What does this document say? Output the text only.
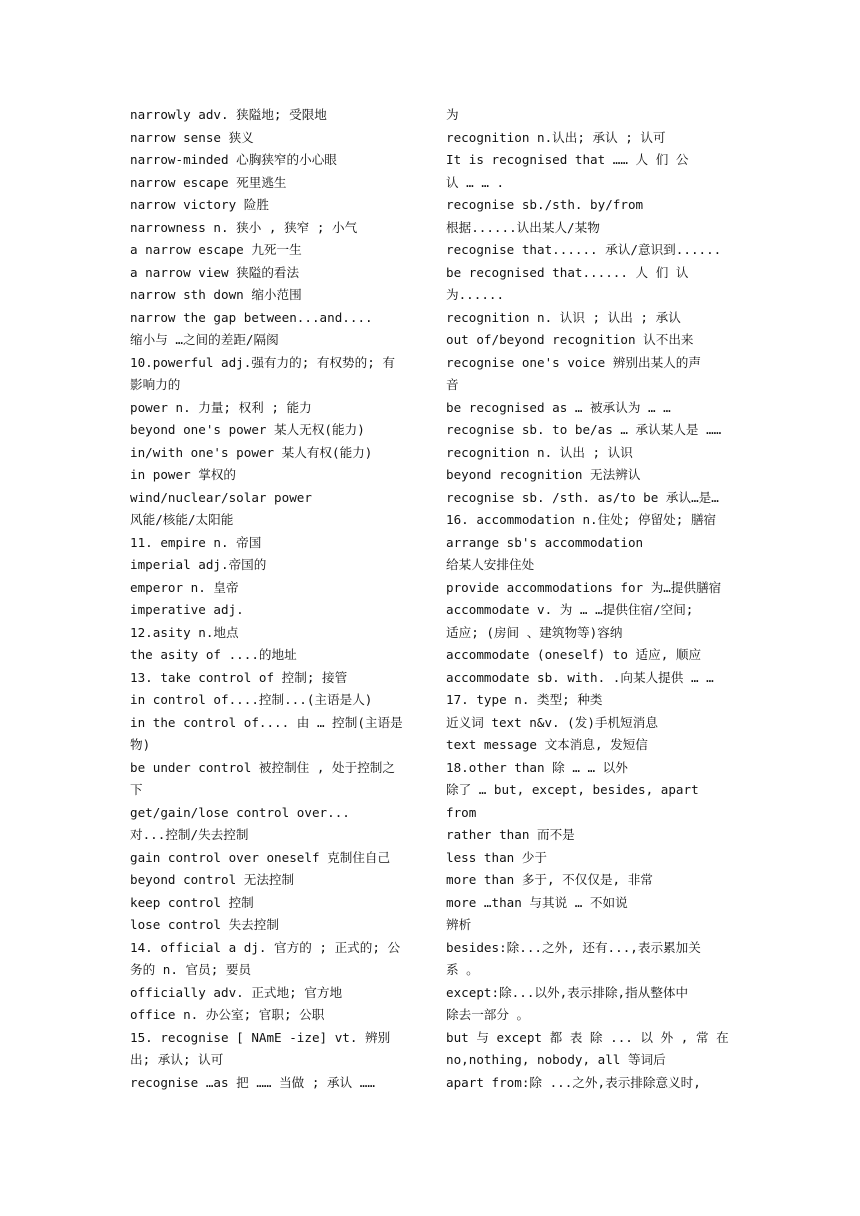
narrowly adv. 狭隘地; 受限地
narrow sense 狭义
narrow-minded 心胸狭窄的小心眼
narrow escape 死里逃生
narrow victory 险胜
narrowness n. 狭小 , 狭窄 ; 小气
a narrow escape 九死一生
a narrow view 狭隘的看法
narrow sth down 缩小范围
narrow the gap between...and....
缩小与 …之间的差距/隔阂
10.powerful adj.强有力的; 有权势的; 有
影响力的
power n. 力量; 权利 ; 能力
beyond one's power 某人无权(能力)
in/with one's power 某人有权(能力)
in power 掌权的
wind/nuclear/solar power
风能/核能/太阳能
11. empire n. 帝国
imperial adj.帝国的
emperor n. 皇帝
imperative adj.
12.asity n.地点
the asity of ....的地址
13. take control of 控制; 接管
in control of....控制...(主语是人)
in the control of.... 由 … 控制(主语是
物)
be under control 被控制住 , 处于控制之
下
get/gain/lose control over...
对...控制/失去控制
gain control over oneself 克制住自己
beyond control 无法控制
keep control 控制
lose control 失去控制
14. official a dj. 官方的 ; 正式的; 公
务的 n. 官员; 要员
officially adv. 正式地; 官方地
office n. 办公室; 官职; 公职
15. recognise [ NAmE -ize] vt. 辨别
出; 承认; 认可
recognise …as 把 …… 当做 ; 承认 ……
为
recognition n.认出; 承认 ; 认可
It is recognised that …… 人 们 公
认 … … .
recognise sb./sth. by/from
根据......认出某人/某物
recognise that...... 承认/意识到......
be recognised that...... 人 们 认
为......
recognition n. 认识 ; 认出 ; 承认
out of/beyond recognition 认不出来
recognise one's voice 辨别出某人的声
音
be recognised as … 被承认为 … …
recognise sb. to be/as … 承认某人是 ……
recognition n. 认出 ; 认识
beyond recognition 无法辨认
recognise sb. /sth. as/to be 承认…是…
16. accommodation n.住处; 停留处; 膳宿
arrange sb's accommodation
给某人安排住处
provide accommodations for 为…提供膳宿
accommodate v. 为 … …提供住宿/空间;
适应; (房间 、建筑物等)容纳
accommodate (oneself) to 适应, 顺应
accommodate sb. with. .向某人提供 … …
17. type n. 类型; 种类
近义词 text n&v. (发)手机短消息
text message 文本消息, 发短信
18.other than 除 … … 以外
除了 … but, except, besides, apart
from
rather than 而不是
less than 少于
more than 多于, 不仅仅是, 非常
more …than 与其说 … 不如说
辨析
besides:除...之外, 还有...,表示累加关
系 。
except:除...以外,表示排除,指从整体中
除去一部分 。
but 与 except 都 表 除 ... 以 外 , 常 在
no,nothing, nobody, all 等词后
apart from:除 ...之外,表示排除意义时,
